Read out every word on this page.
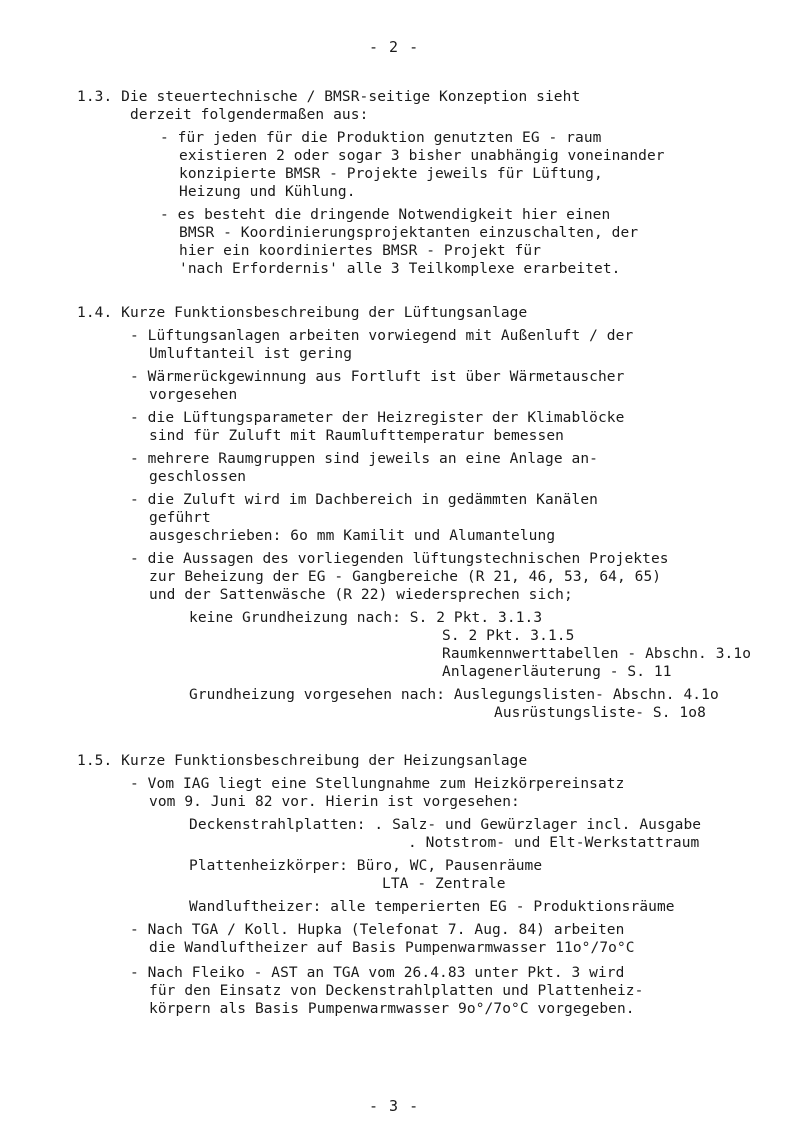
- 2 -
1.3. Die steuertechnische / BMSR-seitige Konzeption sieht
derzeit folgendermaßen aus:
- für jeden für die Produktion genutzten EG - raum
existieren 2 oder sogar 3 bisher unabhängig voneinander
konzipierte BMSR - Projekte jeweils für Lüftung,
Heizung und Kühlung.
- es besteht die dringende Notwendigkeit hier einen
BMSR - Koordinierungsprojektanten einzuschalten, der
hier ein koordiniertes BMSR - Projekt für
'nach Erfordernis' alle 3 Teilkomplexe erarbeitet.
1.4. Kurze Funktionsbeschreibung der Lüftungsanlage
- Lüftungsanlagen arbeiten vorwiegend mit Außenluft / der
Umluftanteil ist gering
- Wärmerückgewinnung aus Fortluft ist über Wärmetauscher
vorgesehen
- die Lüftungsparameter der Heizregister der Klimablöcke
sind für Zuluft mit Raumlufttemperatur bemessen
- mehrere Raumgruppen sind jeweils an eine Anlage an-
geschlossen
- die Zuluft wird im Dachbereich in gedämmten Kanälen
geführt
ausgeschrieben: 6o mm Kamilit und Alumantelung
- die Aussagen des vorliegenden lüftungstechnischen Projektes
zur Beheizung der EG - Gangbereiche (R 21, 46, 53, 64, 65)
und der Sattenwäsche (R 22) wiedersprechen sich;
keine Grundheizung nach: S. 2 Pkt. 3.1.3
S. 2 Pkt. 3.1.5
Raumkennwerttabellen - Abschn. 3.1o
Anlagenerläuterung - S. 11
Grundheizung vorgesehen nach: Auslegungslisten- Abschn. 4.1o
Ausrüstungsliste- S. 1o8
1.5. Kurze Funktionsbeschreibung der Heizungsanlage
- Vom IAG liegt eine Stellungnahme zum Heizkörpereinsatz
vom 9. Juni 82 vor. Hierin ist vorgesehen:
Deckenstrahlplatten: . Salz- und Gewürzlager incl. Ausgabe
. Notstrom- und Elt-Werkstattraum
Plattenheizkörper: Büro, WC, Pausenräume
LTA - Zentrale
Wandluftheizer: alle temperierten EG - Produktionsräume
- Nach TGA / Koll. Hupka (Telefonat 7. Aug. 84) arbeiten
die Wandluftheizer auf Basis Pumpenwarmwasser 11o°/7o°C
- Nach Fleiko - AST an TGA vom 26.4.83 unter Pkt. 3 wird
für den Einsatz von Deckenstrahlplatten und Plattenheiz-
körpern als Basis Pumpenwarmwasser 9o°/7o°C vorgegeben.
- 3 -
